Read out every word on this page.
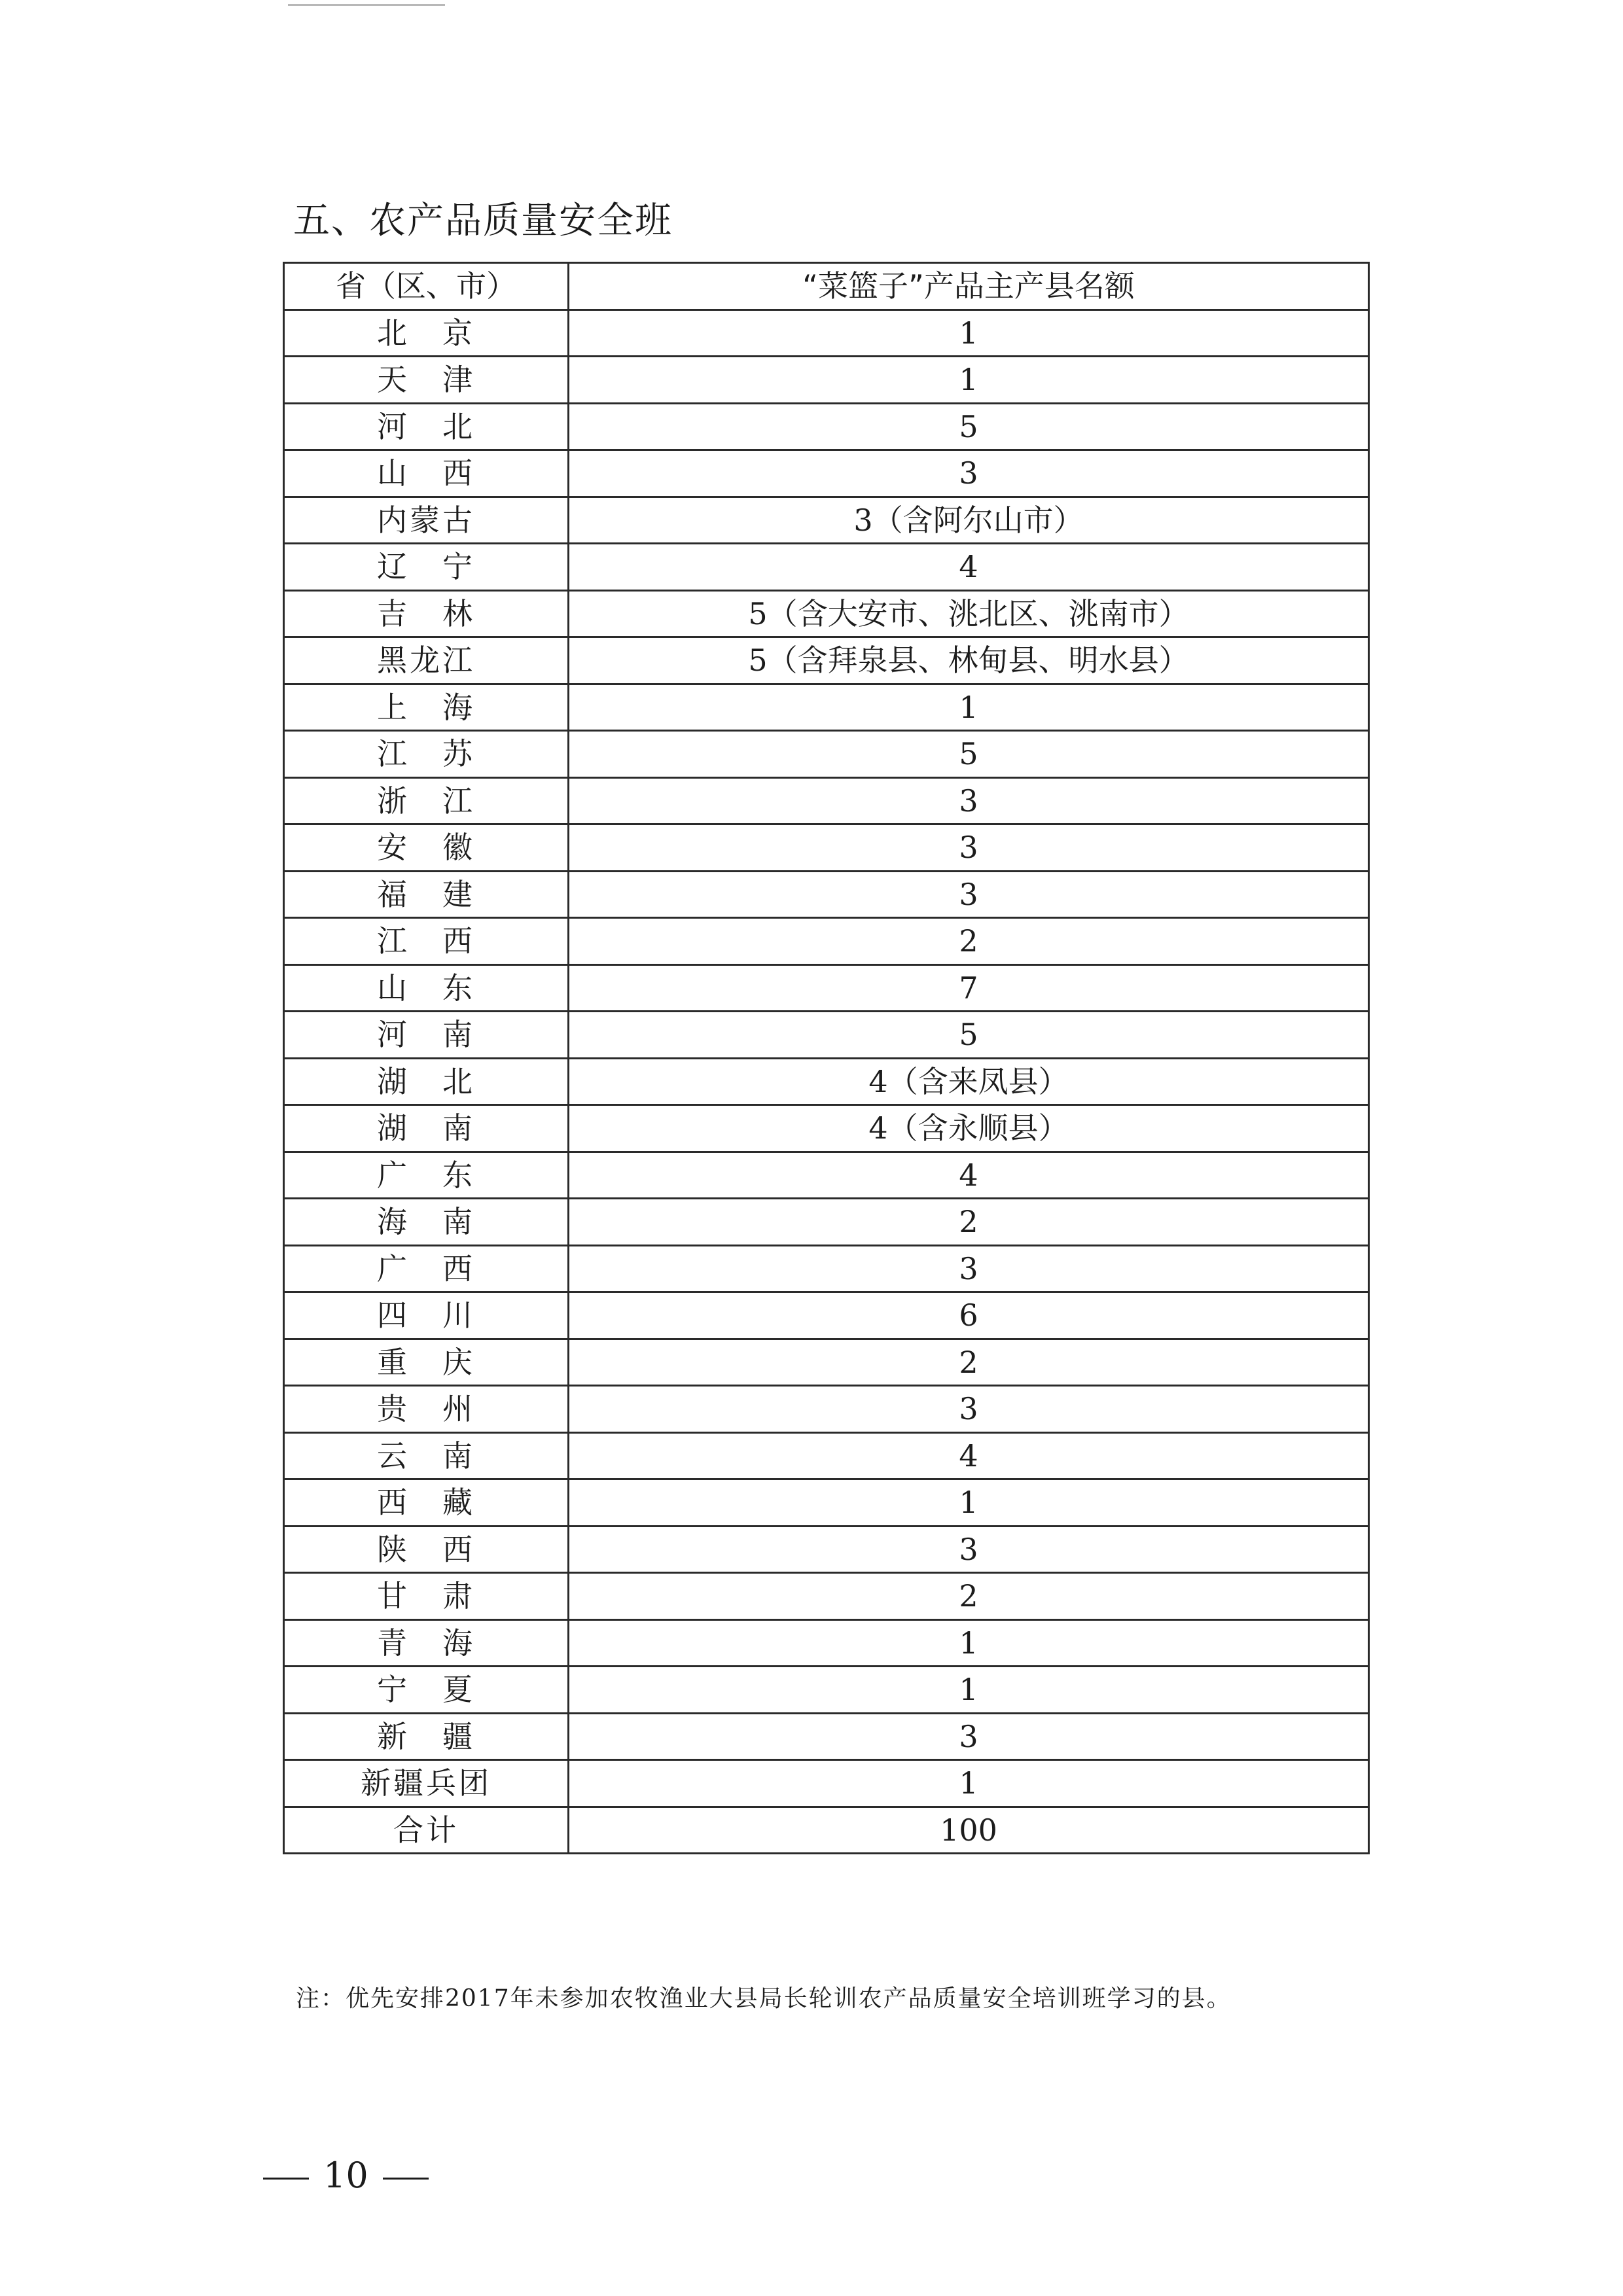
五、农产品质量安全班
省（区、市）	“菜篮子”产品主产县名额
北　京	1
天　津	1
河　北	5
山　西	3
内蒙古	3（含阿尔山市）
辽　宁	4
吉　林	5（含大安市、洮北区、洮南市）
黑龙江	5（含拜泉县、林甸县、明水县）
上　海	1
江　苏	5
浙　江	3
安　徽	3
福　建	3
江　西	2
山　东	7
河　南	5
湖　北	4（含来凤县）
湖　南	4（含永顺县）
广　东	4
海　南	2
广　西	3
四　川	6
重　庆	2
贵　州	3
云　南	4
西　藏	1
陕　西	3
甘　肃	2
青　海	1
宁　夏	1
新　疆	3
新疆兵团	1
合计	100
注：优先安排2017年未参加农牧渔业大县局长轮训农产品质量安全培训班学习的县。
10
